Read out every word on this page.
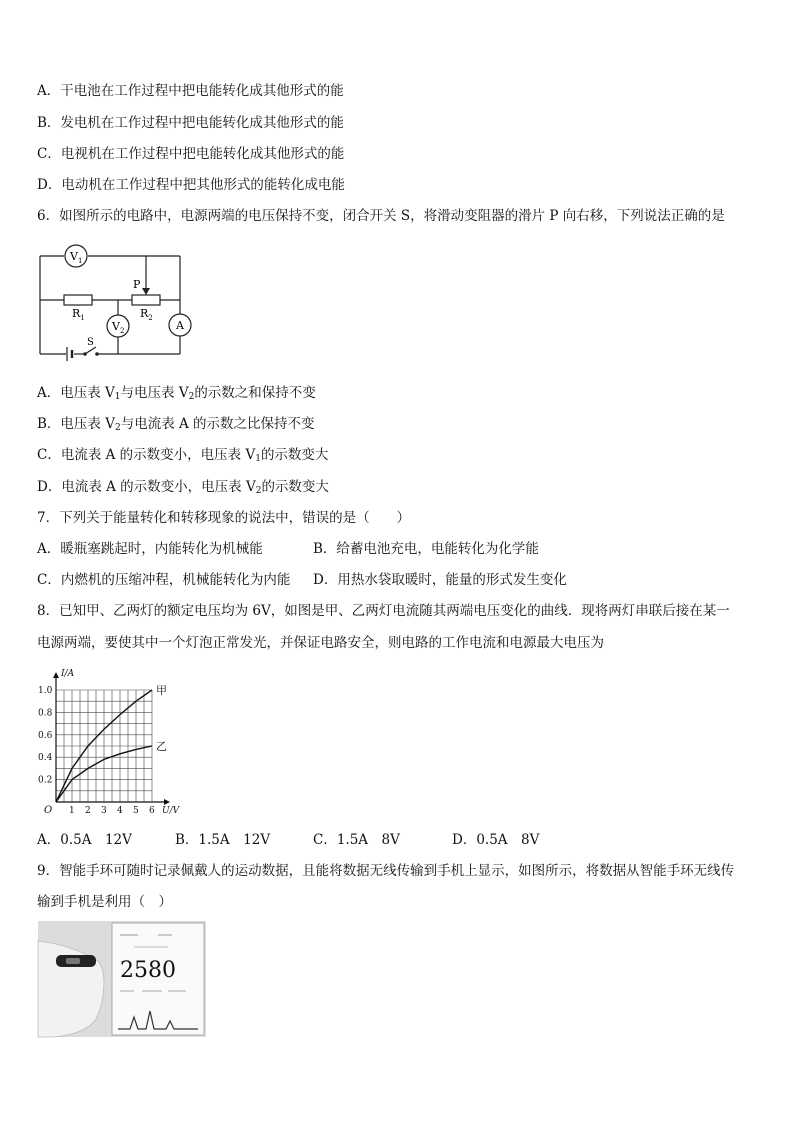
A．干电池在工作过程中把电能转化成其他形式的能
B．发电机在工作过程中把电能转化成其他形式的能
C．电视机在工作过程中把电能转化成其他形式的能
D．电动机在工作过程中把其他形式的能转化成电能
6．如图所示的电路中，电源两端的电压保持不变，闭合开关 S，将滑动变阻器的滑片 P 向右移，下列说法正确的是
$V_1$
$V_2$	A
$R_1$	$R_2$
P
S
A．电压表 $V_1$与电压表 $V_2$的示数之和保持不变
B．电压表 $V_2$与电流表 A 的示数之比保持不变
C．电流表 A 的示数变小，电压表 $V_1$的示数变大
D．电流表 A 的示数变小，电压表 $V_2$的示数变大
7．下列关于能量转化和转移现象的说法中，错误的是（　　）
A．暖瓶塞跳起时，内能转化为机械能	B．给蓄电池充电，电能转化为化学能
C．内燃机的压缩冲程，机械能转化为内能 D．用热水袋取暖时，能量的形式发生变化
8．已知甲、乙两灯的额定电压均为 6V，如图是甲、乙两灯电流随其两端电压变化的曲线．现将两灯串联后接在某一
电源两端，要使其中一个灯泡正常发光，并保证电路安全，则电路的工作电流和电源最大电压为
1 2 3 4 5 6
0.2
0.4
0.6
0.8
1.0
O
I/A
U/V
甲
乙
A．0.5A　12V	B．1.5A　12V	C．1.5A　8V	D．0.5A　8V
9．智能手环可随时记录佩戴人的运动数据，且能将数据无线传输到手机上显示，如图所示，将数据从智能手环无线传
输到手机是利用（　）
2580
